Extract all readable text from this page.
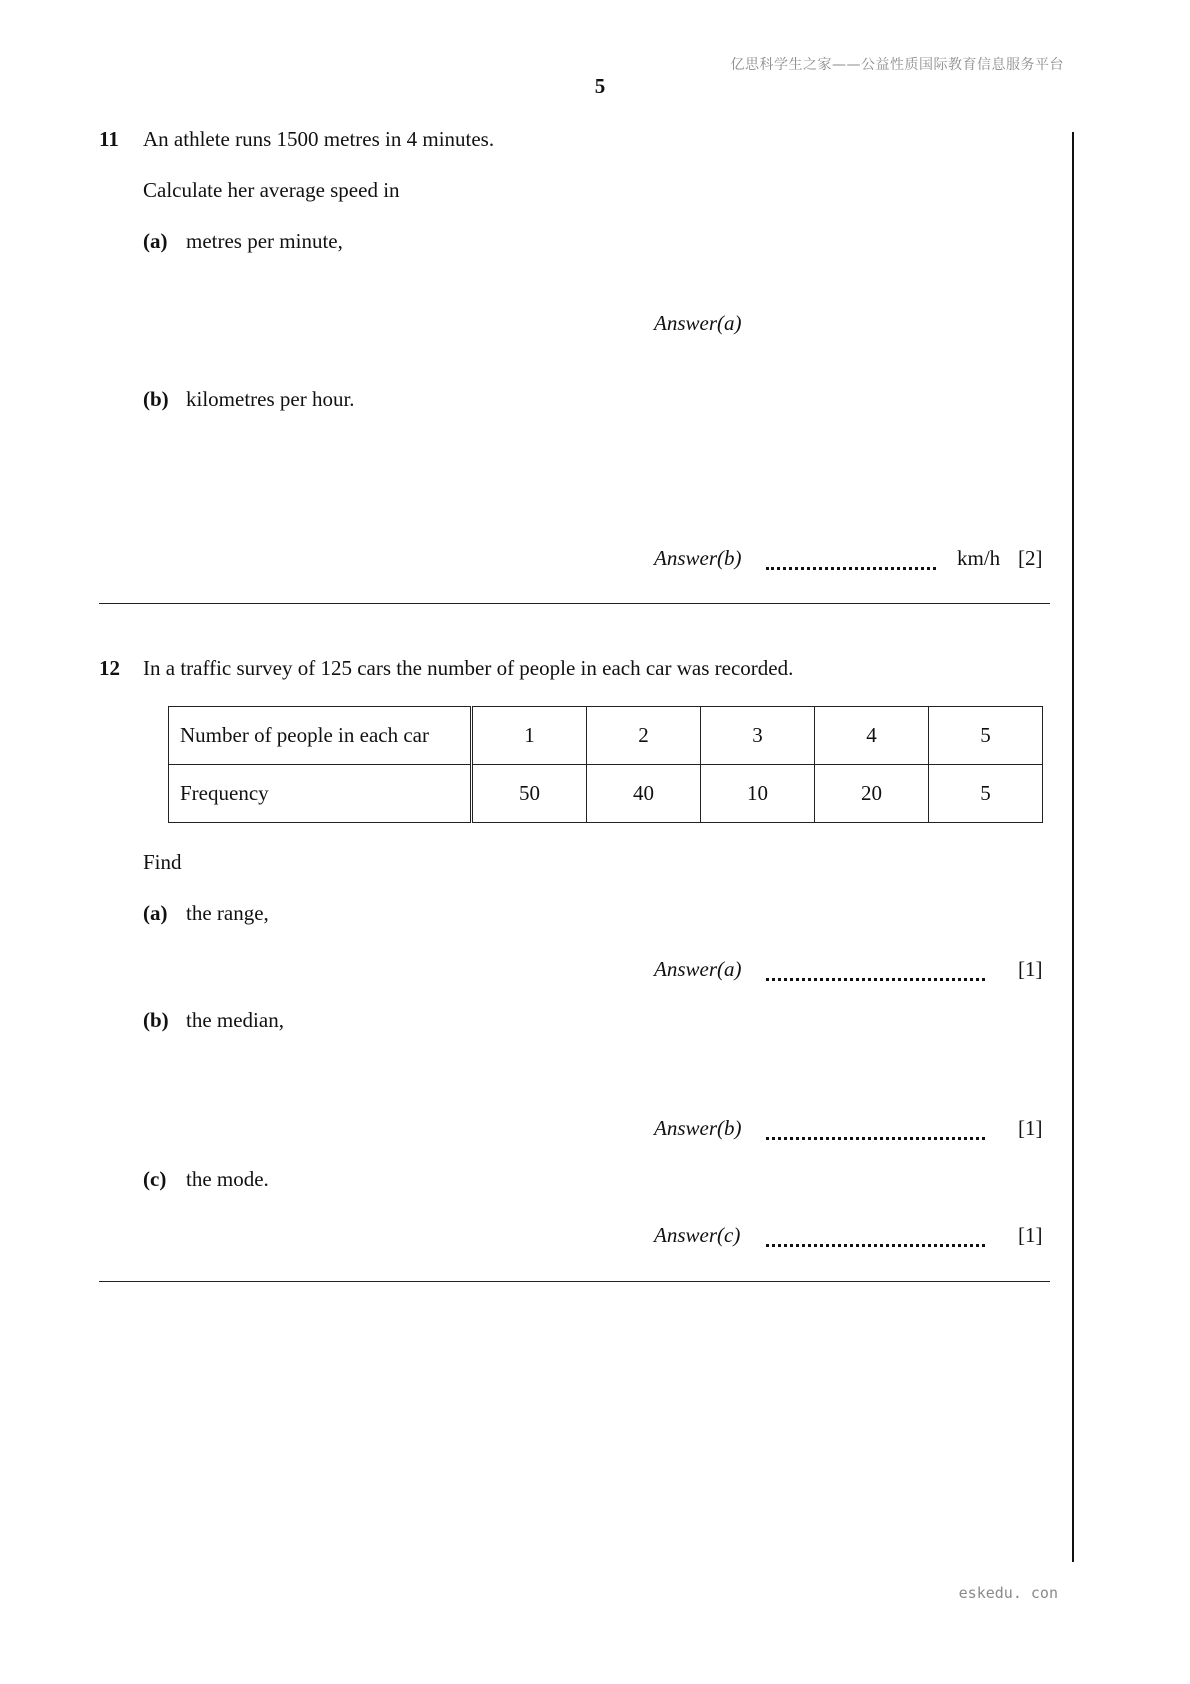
亿思科学生之家——公益性质国际教育信息服务平台
5
11 An athlete runs 1500 metres in 4 minutes.
Calculate her average speed in
(a) metres per minute,
Answer(a)
(b) kilometres per hour.
Answer(b)	km/h [2]
12 In a traffic survey of 125 cars the number of people in each car was recorded.
Number of people in each car	1	2	3	4	5
Frequency	50	40	10	20	5
Find
(a) the range,
Answer(a)	[1]
(b) the median,
Answer(b)	[1]
(c) the mode.
Answer(c)	[1]
eskedu. con
